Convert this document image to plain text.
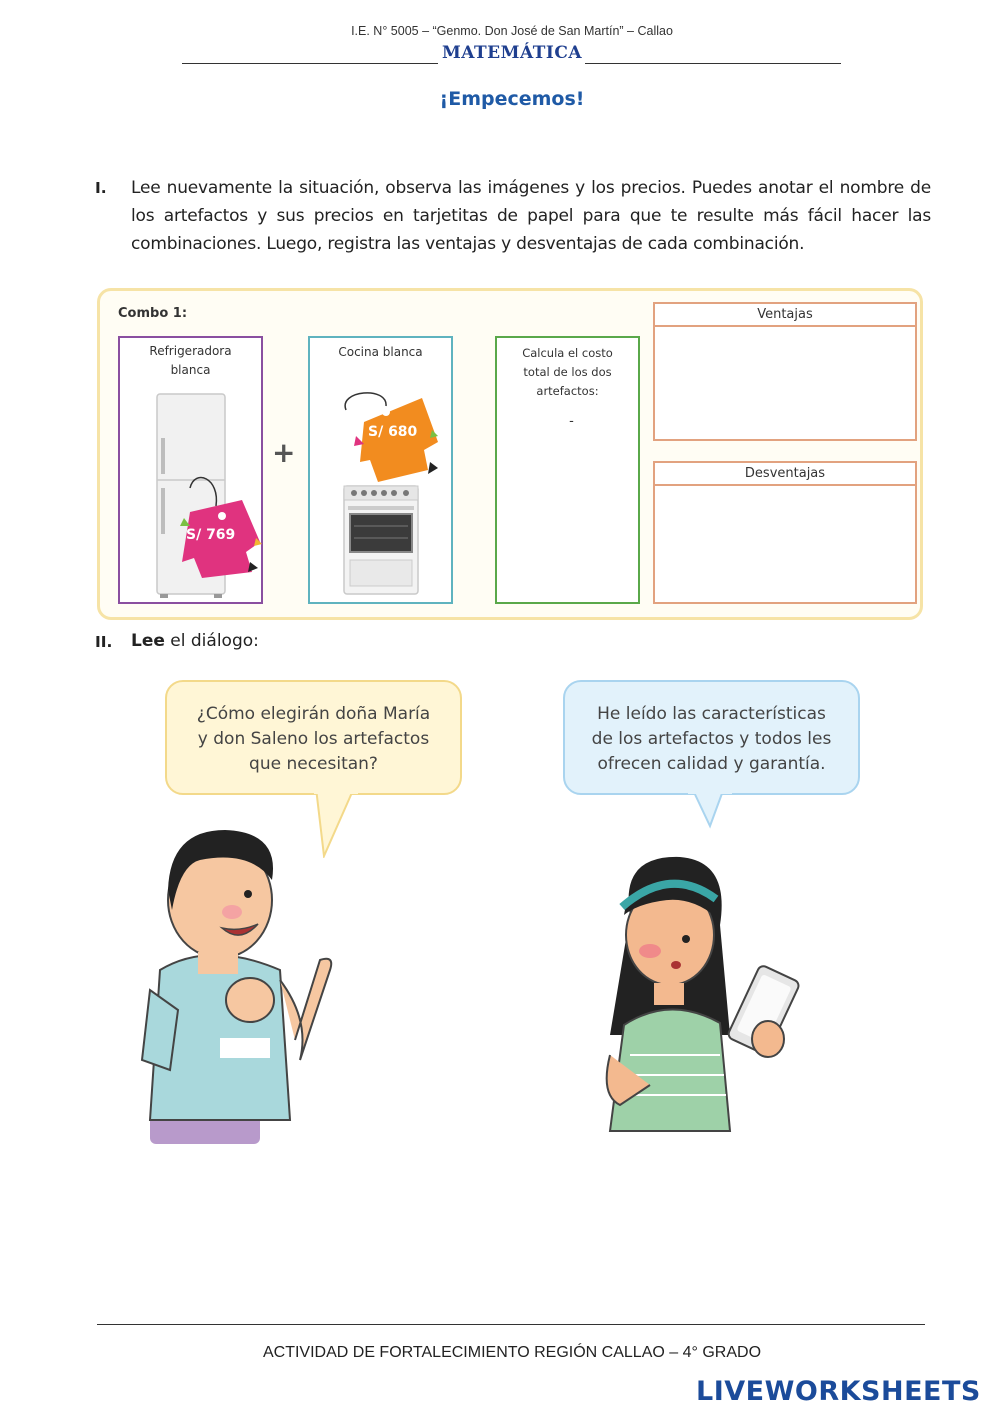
I.E. N° 5005 – “Genmo. Don José de San Martín” – Callao
MATEMÁTICA
¡Empecemos!
I. Lee nuevamente la situación, observa las imágenes y los precios. Puedes anotar el nombre de los artefactos y sus precios en tarjetitas de papel para que te resulte más fácil hacer las combinaciones. Luego, registra las ventajas y desventajas de cada combinación.
Combo 1:
Refrigeradora
blanca
S/ 769
+
Cocina blanca
S/ 680
Calcula el costo
total de los dos
artefactos:
-
Ventajas
Desventajas
II. Lee el diálogo:
¿Cómo elegirán doña María
y don Saleno los artefactos
que necesitan?
He leído las características
de los artefactos y todos les
ofrecen calidad y garantía.
ACTIVIDAD DE FORTALECIMIENTO REGIÓN CALLAO – 4° GRADO
LIVEWORKSHEETS
